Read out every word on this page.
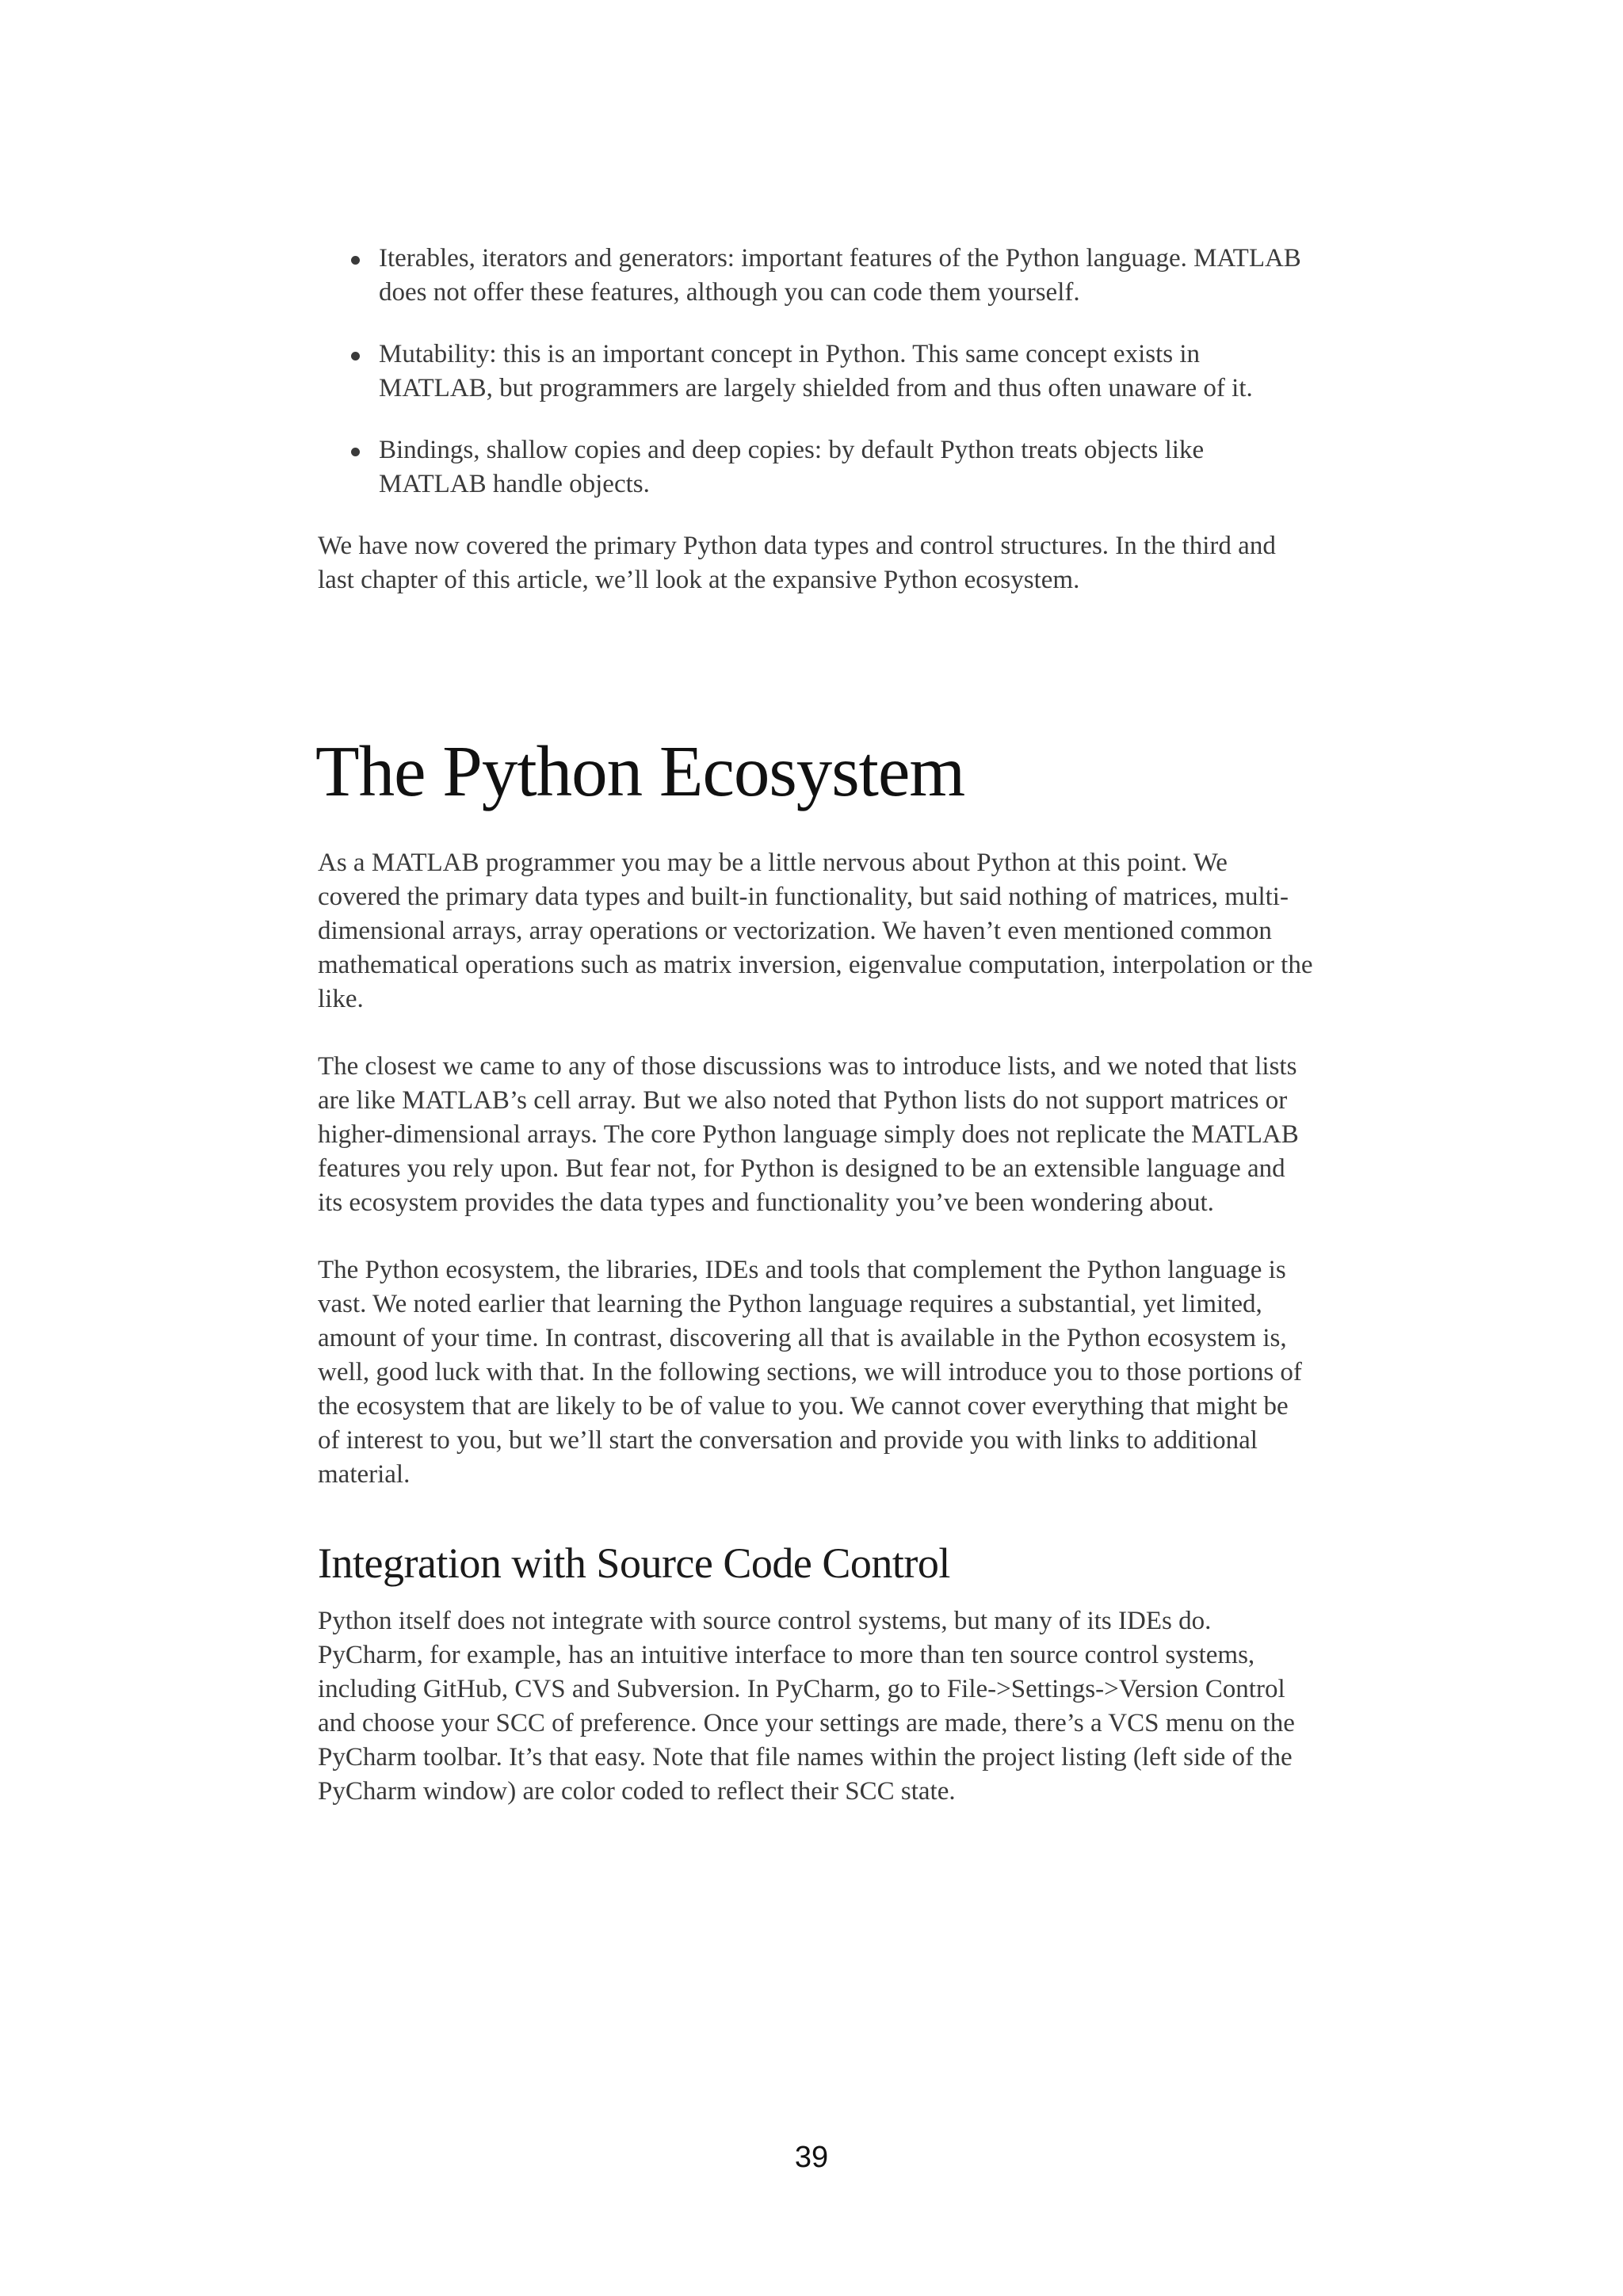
Iterables, iterators and generators: important features of the Python language. MATLAB does not offer these features, although you can code them yourself.
Mutability: this is an important concept in Python. This same concept exists in MATLAB, but programmers are largely shielded from and thus often unaware of it.
Bindings, shallow copies and deep copies: by default Python treats objects like MATLAB handle objects.

We have now covered the primary Python data types and control structures. In the third and last chapter of this article, we’ll look at the expansive Python ecosystem.

The Python Ecosystem

As a MATLAB programmer you may be a little nervous about Python at this point. We covered the primary data types and built-in functionality, but said nothing of matrices, multi-dimensional arrays, array operations or vectorization. We haven’t even mentioned common mathematical operations such as matrix inversion, eigenvalue computation, interpolation or the like.

The closest we came to any of those discussions was to introduce lists, and we noted that lists are like MATLAB’s cell array. But we also noted that Python lists do not support matrices or higher-dimensional arrays. The core Python language simply does not replicate the MATLAB features you rely upon. But fear not, for Python is designed to be an extensible language and its ecosystem provides the data types and functionality you’ve been wondering about.

The Python ecosystem, the libraries, IDEs and tools that complement the Python language is vast. We noted earlier that learning the Python language requires a substantial, yet limited, amount of your time. In contrast, discovering all that is available in the Python ecosystem is, well, good luck with that. In the following sections, we will introduce you to those portions of the ecosystem that are likely to be of value to you. We cannot cover everything that might be of interest to you, but we’ll start the conversation and provide you with links to additional material.

Integration with Source Code Control

Python itself does not integrate with source control systems, but many of its IDEs do. PyCharm, for example, has an intuitive interface to more than ten source control systems, including GitHub, CVS and Subversion. In PyCharm, go to File->Settings->Version Control and choose your SCC of preference. Once your settings are made, there’s a VCS menu on the PyCharm toolbar. It’s that easy. Note that file names within the project listing (left side of the PyCharm window) are color coded to reflect their SCC state.

39
